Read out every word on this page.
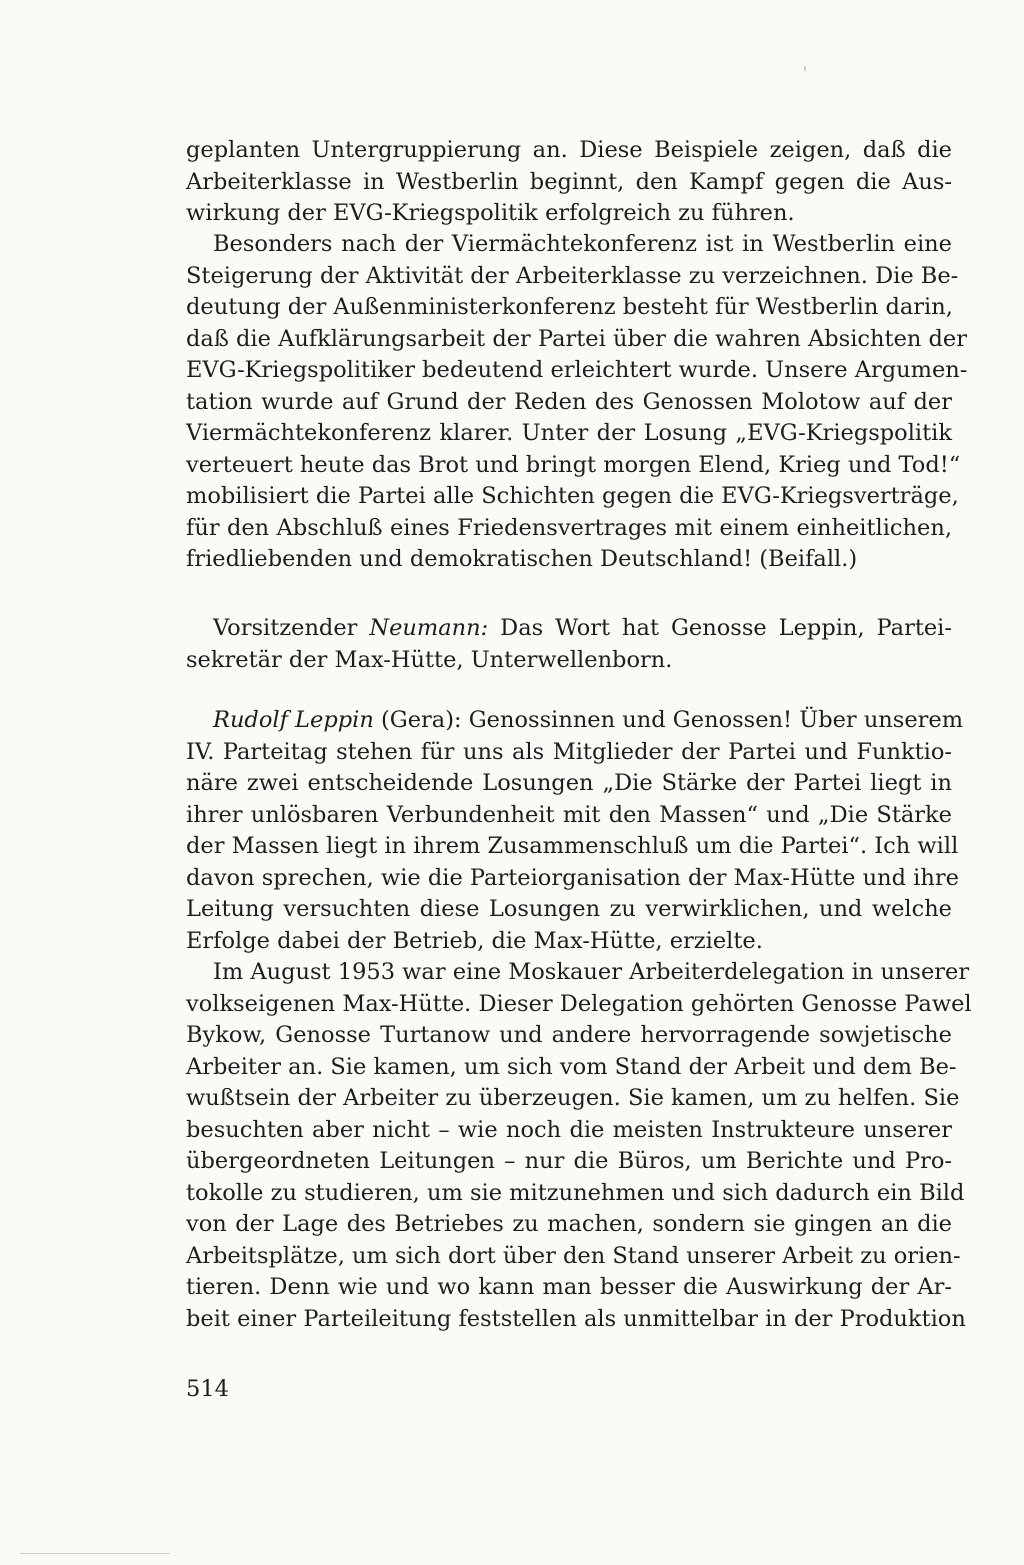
geplanten Untergruppierung an. Diese Beispiele zeigen, daß die
Arbeiterklasse in Westberlin beginnt, den Kampf gegen die Aus-
wirkung der EVG-Kriegspolitik erfolgreich zu führen.
Besonders nach der Viermächtekonferenz ist in Westberlin eine
Steigerung der Aktivität der Arbeiterklasse zu verzeichnen. Die Be-
deutung der Außenministerkonferenz besteht für Westberlin darin,
daß die Aufklärungsarbeit der Partei über die wahren Absichten der
EVG-Kriegspolitiker bedeutend erleichtert wurde. Unsere Argumen-
tation wurde auf Grund der Reden des Genossen Molotow auf der
Viermächtekonferenz klarer. Unter der Losung „EVG-Kriegspolitik
verteuert heute das Brot und bringt morgen Elend, Krieg und Tod!“
mobilisiert die Partei alle Schichten gegen die EVG-Kriegsverträge,
für den Abschluß eines Friedensvertrages mit einem einheitlichen,
friedliebenden und demokratischen Deutschland! (Beifall.)
Vorsitzender Neumann: Das Wort hat Genosse Leppin, Partei-
sekretär der Max-Hütte, Unterwellenborn.
Rudolf Leppin (Gera): Genossinnen und Genossen! Über unserem
IV. Parteitag stehen für uns als Mitglieder der Partei und Funktio-
näre zwei entscheidende Losungen „Die Stärke der Partei liegt in
ihrer unlösbaren Verbundenheit mit den Massen“ und „Die Stärke
der Massen liegt in ihrem Zusammenschluß um die Partei“. Ich will
davon sprechen, wie die Parteiorganisation der Max-Hütte und ihre
Leitung versuchten diese Losungen zu verwirklichen, und welche
Erfolge dabei der Betrieb, die Max-Hütte, erzielte.
Im August 1953 war eine Moskauer Arbeiterdelegation in unserer
volkseigenen Max-Hütte. Dieser Delegation gehörten Genosse Pawel
Bykow, Genosse Turtanow und andere hervorragende sowjetische
Arbeiter an. Sie kamen, um sich vom Stand der Arbeit und dem Be-
wußtsein der Arbeiter zu überzeugen. Sie kamen, um zu helfen. Sie
besuchten aber nicht – wie noch die meisten Instrukteure unserer
übergeordneten Leitungen – nur die Büros, um Berichte und Pro-
tokolle zu studieren, um sie mitzunehmen und sich dadurch ein Bild
von der Lage des Betriebes zu machen, sondern sie gingen an die
Arbeitsplätze, um sich dort über den Stand unserer Arbeit zu orien-
tieren. Denn wie und wo kann man besser die Auswirkung der Ar-
beit einer Parteileitung feststellen als unmittelbar in der Produktion
514
